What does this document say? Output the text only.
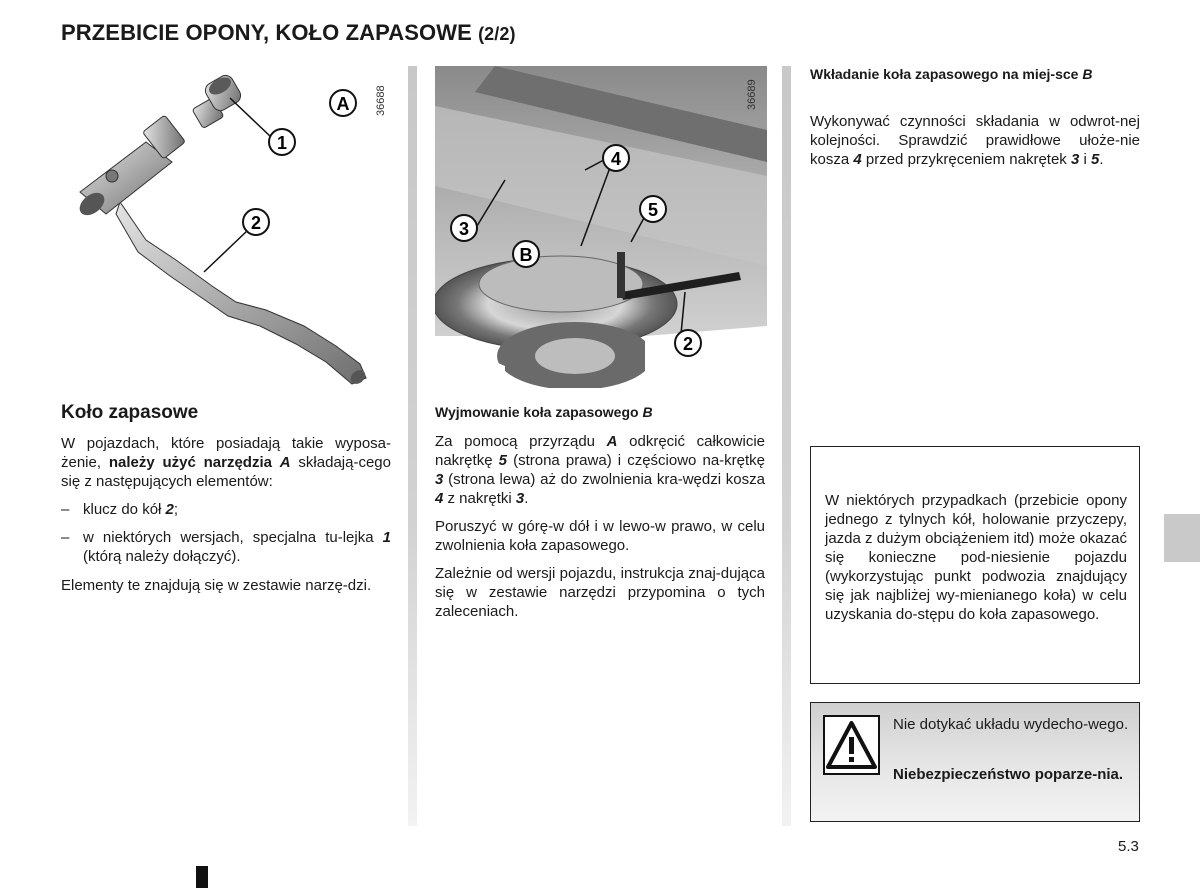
PRZEBICIE OPONY, KOŁO ZAPASOWE (2/2)
36688
A
1
2
4
5
3
B
2
36689
Koło zapasowe
W pojazdach, które posiadają takie wyposa-żenie, należy użyć narzędzia A składają-cego się z następujących elementów:
– klucz do kół 2;
– w niektórych wersjach, specjalna tu-lejka 1 (którą należy dołączyć).
Elementy te znajdują się w zestawie narzę-dzi.
Wyjmowanie koła zapasowego B
Za pomocą przyrządu A odkręcić całkowicie nakrętkę 5 (strona prawa) i częściowo na-krętkę 3 (strona lewa) aż do zwolnienia kra-wędzi kosza 4 z nakrętki 3.
Poruszyć w górę-w dół i w lewo-w prawo, w celu zwolnienia koła zapasowego.
Zależnie od wersji pojazdu, instrukcja znaj-dująca się w zestawie narzędzi przypomina o tych zaleceniach.
Wkładanie koła zapasowego na miej-sce B
Wykonywać czynności składania w odwrot-nej kolejności. Sprawdzić prawidłowe ułoże-nie kosza 4 przed przykręceniem nakrętek 3 i 5.
W niektórych przypadkach (przebicie opony jednego z tylnych kół, holowanie przyczepy, jazda z dużym obciążeniem itd) może okazać się konieczne pod-niesienie pojazdu (wykorzystując punkt podwozia znajdujący się jak najbliżej wy-mienianego koła) w celu uzyskania do-stępu do koła zapasowego.
Nie dotykać układu wydecho-wego.
Niebezpieczeństwo poparze-nia.
5.3
